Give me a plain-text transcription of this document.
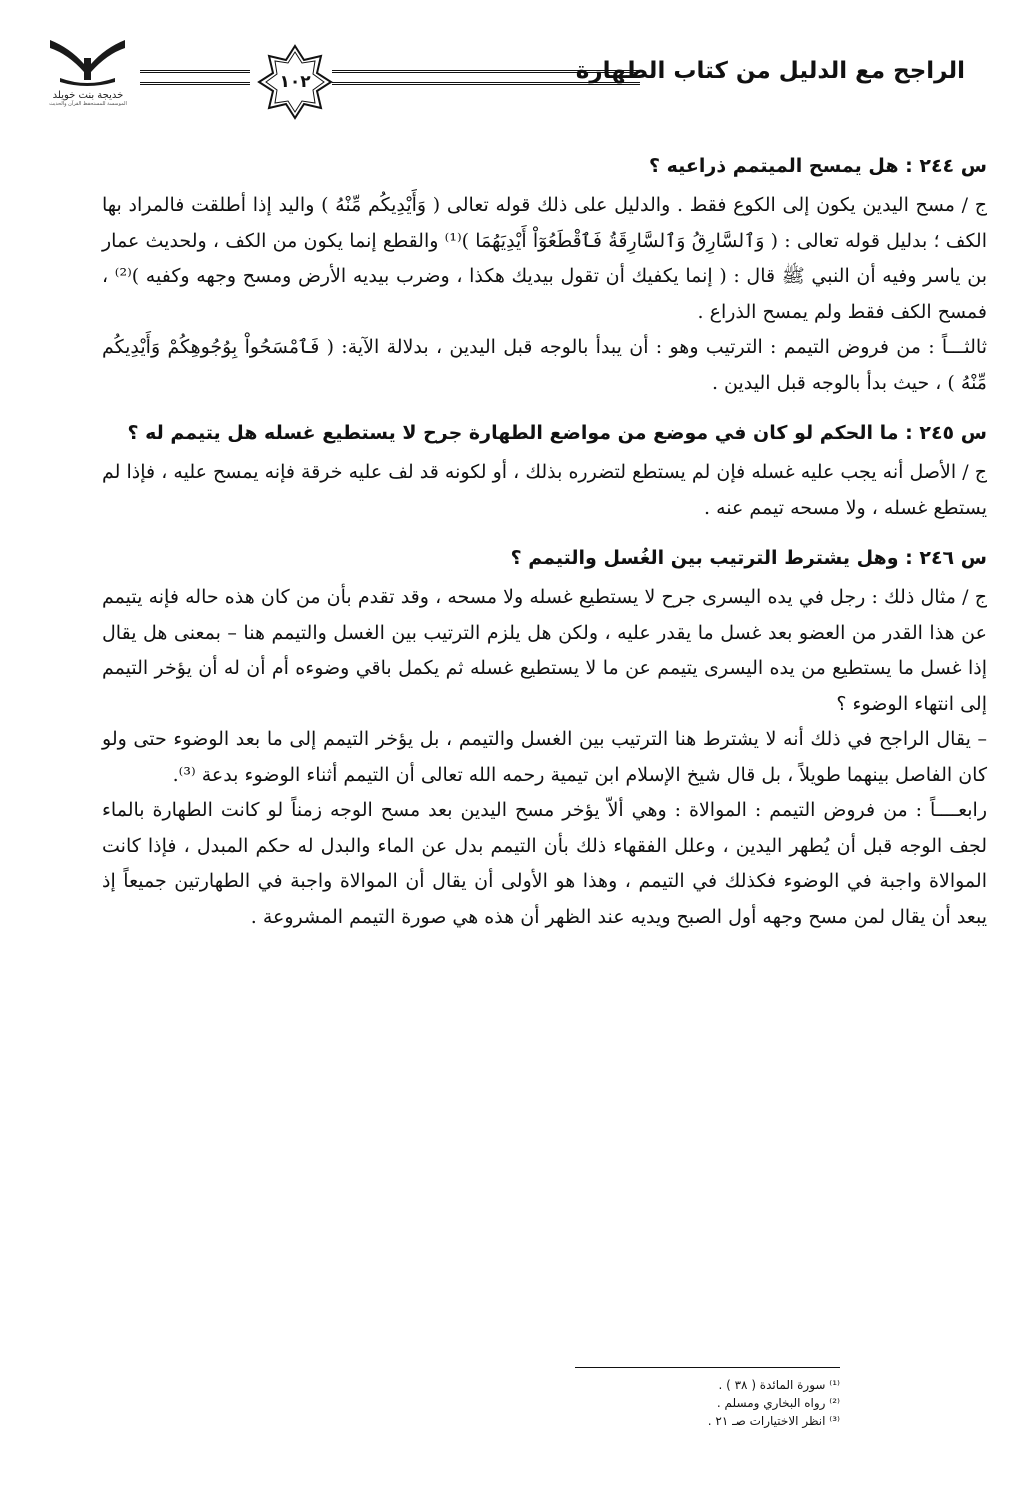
الراجح مع الدليل من كتاب الطهارة
١٠٢
خديجة بنت خويلد
الموسسة للمستحفظ القرآن والحديث
س ٢٤٤ : هل يمسح الميتمم ذراعيه ؟

ج / مسح اليدين يكون إلى الكوع فقط . والدليل على ذلك قوله تعالى ( وَأَيْدِيكُم مِّنْهُ ) واليد إذا أطلقت فالمراد بها الكف ؛ بدليل قوله تعالى : ( وَٱلسَّارِقُ وَٱلسَّارِقَةُ فَٱقْطَعُوٓاْ أَيْدِيَهُمَا )⁽¹⁾ والقطع إنما يكون من الكف ، ولحديث عمار بن ياسر وفيه أن النبي ﷺ قال : ( إنما يكفيك أن تقول بيديك هكذا ، وضرب بيديه الأرض ومسح وجهه وكفيه )⁽²⁾ ، فمسح الكف فقط ولم يمسح الذراع .

ثالثـــاً : من فروض التيمم : الترتيب وهو : أن يبدأ بالوجه قبل اليدين ، بدلالة الآية: ( فَٱمْسَحُواْ بِوُجُوهِكُمْ وَأَيْدِيكُم مِّنْهُ ) ، حيث بدأ بالوجه قبل اليدين .

س ٢٤٥ : ما الحكم لو كان في موضع من مواضع الطهارة جرح لا يستطيع غسله هل يتيمم له ؟

ج / الأصل أنه يجب عليه غسله فإن لم يستطع لتضرره بذلك ، أو لكونه قد لف عليه خرقة فإنه يمسح عليه ، فإذا لم يستطع غسله ، ولا مسحه تيمم عنه .

س ٢٤٦ : وهل يشترط الترتيب بين الغُسل والتيمم ؟

ج / مثال ذلك : رجل في يده اليسرى جرح لا يستطيع غسله ولا مسحه ، وقد تقدم بأن من كان هذه حاله فإنه يتيمم عن هذا القدر من العضو بعد غسل ما يقدر عليه ، ولكن هل يلزم الترتيب بين الغسل والتيمم هنا – بمعنى هل يقال إذا غسل ما يستطيع من يده اليسرى يتيمم عن ما لا يستطيع غسله ثم يكمل باقي وضوءه أم أن له أن يؤخر التيمم إلى انتهاء الوضوء ؟

– يقال الراجح في ذلك أنه لا يشترط هنا الترتيب بين الغسل والتيمم ، بل يؤخر التيمم إلى ما بعد الوضوء حتى ولو كان الفاصل بينهما طويلاً ، بل قال شيخ الإسلام ابن تيمية رحمه الله تعالى أن التيمم أثناء الوضوء بدعة ⁽³⁾.

رابعــــاً : من فروض التيمم : الموالاة : وهي ألاّ يؤخر مسح اليدين بعد مسح الوجه زمناً لو كانت الطهارة بالماء لجف الوجه قبل أن يُطهر اليدين ، وعلل الفقهاء ذلك بأن التيمم بدل عن الماء والبدل له حكم المبدل ، فإذا كانت الموالاة واجبة في الوضوء فكذلك في التيمم ، وهذا هو الأولى أن يقال أن الموالاة واجبة في الطهارتين جميعاً إذ يبعد أن يقال لمن مسح وجهه أول الصبح ويديه عند الظهر أن هذه هي صورة التيمم المشروعة .

⁽¹⁾ سورة المائدة ( ٣٨ ) .

⁽²⁾ رواه البخاري ومسلم .

⁽³⁾ انظر الاختيارات صـ ٢١ .
